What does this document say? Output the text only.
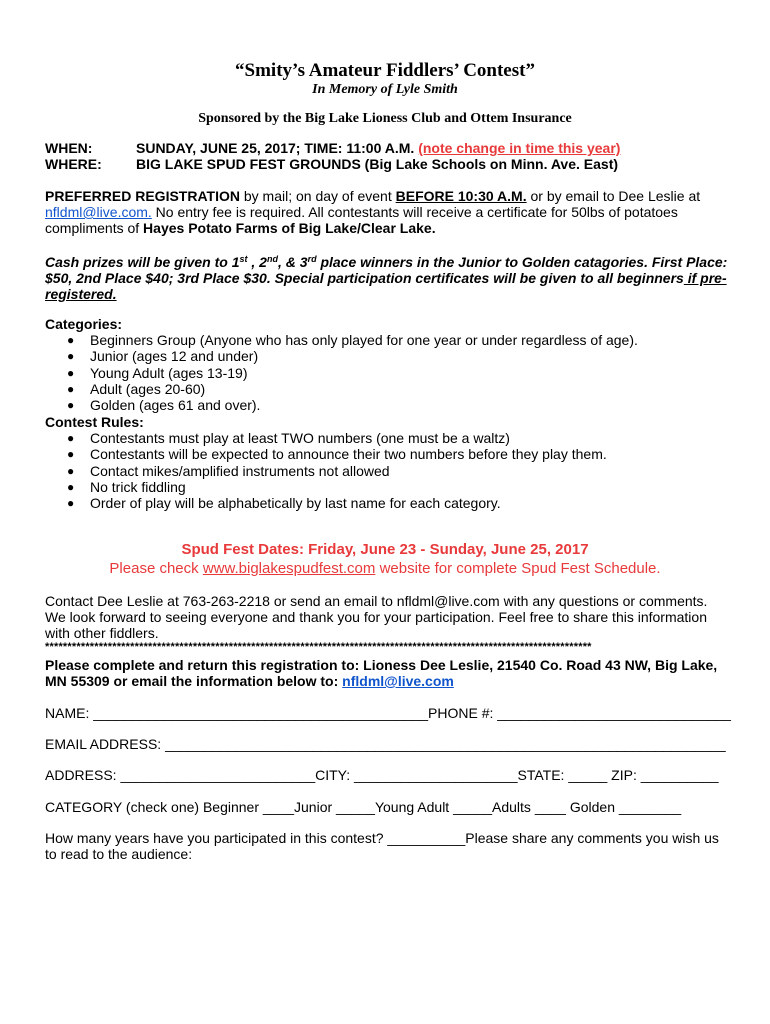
“Smity’s Amateur Fiddlers’ Contest”
In Memory of Lyle Smith
Sponsored by the Big Lake Lioness Club and Ottem Insurance
WHEN:	SUNDAY, JUNE 25, 2017; TIME: 11:00 A.M. (note change in time this year)
WHERE: BIG LAKE SPUD FEST GROUNDS (Big Lake Schools on Minn. Ave. East)
PREFERRED REGISTRATION by mail; on day of event BEFORE 10:30 A.M. or by email to Dee Leslie at
nfldml@live.com. No entry fee is required. All contestants will receive a certificate for 50lbs of potatoes
compliments of Hayes Potato Farms of Big Lake/Clear Lake.
Cash prizes will be given to 1st , 2nd, & 3rd place winners in the Junior to Golden catagories. First Place:
$50, 2nd Place $40; 3rd Place $30. Special participation certificates will be given to all beginners if pre-
registered.
Categories:
● Beginners Group (Anyone who has only played for one year or under regardless of age).
● Junior (ages 12 and under)
● Young Adult (ages 13-19)
● Adult (ages 20-60)
● Golden (ages 61 and over).
Contest Rules:
● Contestants must play at least TWO numbers (one must be a waltz)
● Contestants will be expected to announce their two numbers before they play them.
● Contact mikes/amplified instruments not allowed
● No trick fiddling
● Order of play will be alphabetically by last name for each category.
Spud Fest Dates: Friday, June 23 - Sunday, June 25, 2017
Please check www.biglakespudfest.com website for complete Spud Fest Schedule.
Contact Dee Leslie at 763-263-2218 or send an email to nfldml@live.com with any questions or comments.
We look forward to seeing everyone and thank you for your participation. Feel free to share this information
with other fiddlers.
**************************************************************************************************************************
Please complete and return this registration to: Lioness Dee Leslie, 21540 Co. Road 43 NW, Big Lake,
MN 55309 or email the information below to: nfldml@live.com
NAME: ___________________________________________PHONE #: ______________________________
EMAIL ADDRESS: ________________________________________________________________________
ADDRESS: _________________________CITY: _____________________STATE: _____ ZIP: __________
CATEGORY (check one) Beginner ____Junior _____Young Adult _____Adults ____ Golden ________
How many years have you participated in this contest? __________Please share any comments you wish us
to read to the audience:
